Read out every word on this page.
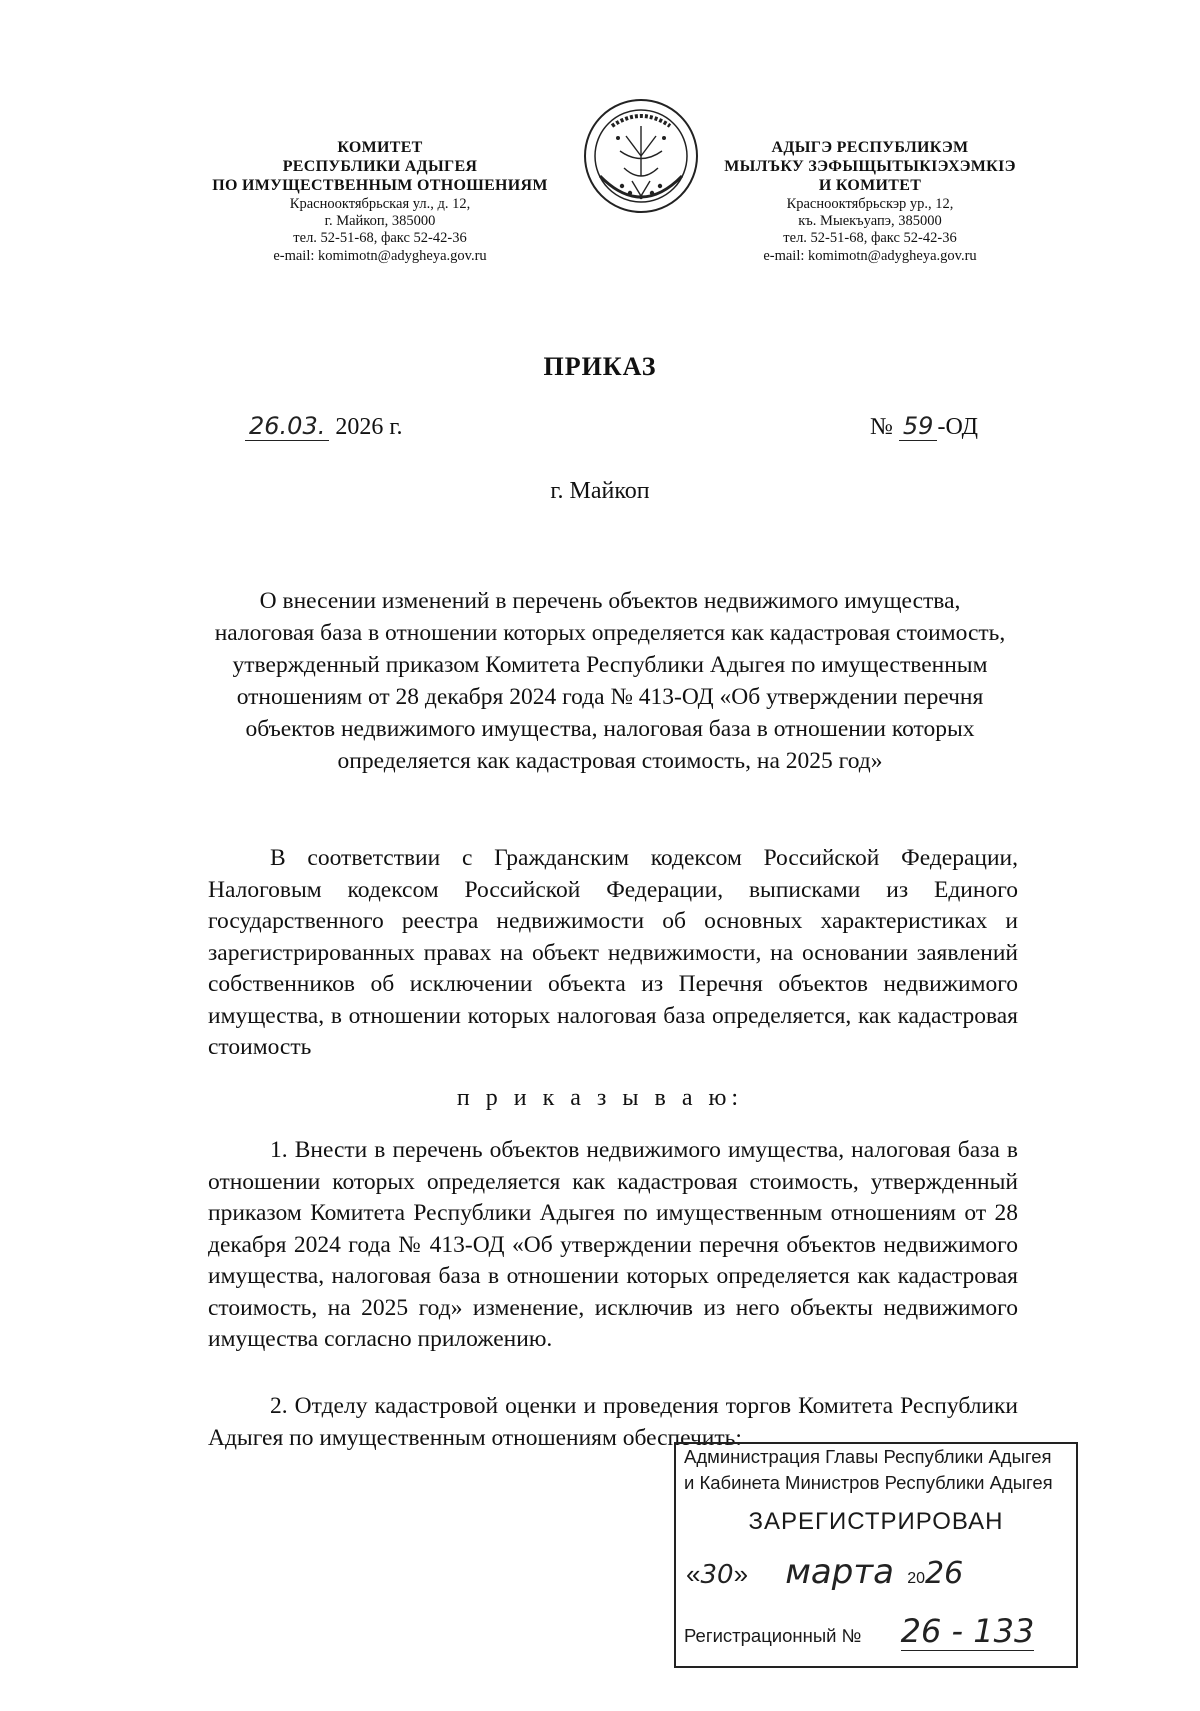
КОМИТЕТ
РЕСПУБЛИКИ АДЫГЕЯ
ПО ИМУЩЕСТВЕННЫМ ОТНОШЕНИЯМ
Краснооктябрьская ул., д. 12,
г. Майкоп, 385000
тел. 52-51-68, факс 52-42-36
e-mail: komimotn@adygheya.gov.ru
АДЫГЭ РЕСПУБЛИКЭМ
МЫЛЪКУ ЗЭФЫЩЫТЫКIЭХЭМКIЭ
И КОМИТЕТ
Краснооктябрьскэр ур., 12,
къ. Мыекъуапэ, 385000
тел. 52-51-68, факс 52-42-36
e-mail: komimotn@adygheya.gov.ru
ПРИКАЗ
26.03. 2026 г.	№ 59 -ОД
г. Майкоп
О внесении изменений в перечень объектов недвижимого имущества, налоговая база в отношении которых определяется как кадастровая стоимость, утвержденный приказом Комитета Республики Адыгея по имущественным отношениям от 28 декабря 2024 года № 413-ОД «Об утверждении перечня объектов недвижимого имущества, налоговая база в отношении которых определяется как кадастровая стоимость, на 2025 год»

В соответствии с Гражданским кодексом Российской Федерации, Налоговым кодексом Российской Федерации, выписками из Единого государственного реестра недвижимости об основных характеристиках и зарегистрированных правах на объект недвижимости, на основании заявлений собственников об исключении объекта из Перечня объектов недвижимого имущества, в отношении которых налоговая база определяется, как кадастровая стоимость

п р и к а з ы в а ю:

1. Внести в перечень объектов недвижимого имущества, налоговая база в отношении которых определяется как кадастровая стоимость, утвержденный приказом Комитета Республики Адыгея по имущественным отношениям от 28 декабря 2024 года № 413-ОД «Об утверждении перечня объектов недвижимого имущества, налоговая база в отношении которых определяется как кадастровая стоимость, на 2025 год» изменение, исключив из него объекты недвижимого имущества согласно приложению.

2. Отделу кадастровой оценки и проведения торгов Комитета Республики Адыгея по имущественным отношениям обеспечить:

Администрация Главы Республики Адыгея
и Кабинета Министров Республики Адыгея
ЗАРЕГИСТРИРОВАН
«30» марта 2026
Регистрационный № 26 - 133
